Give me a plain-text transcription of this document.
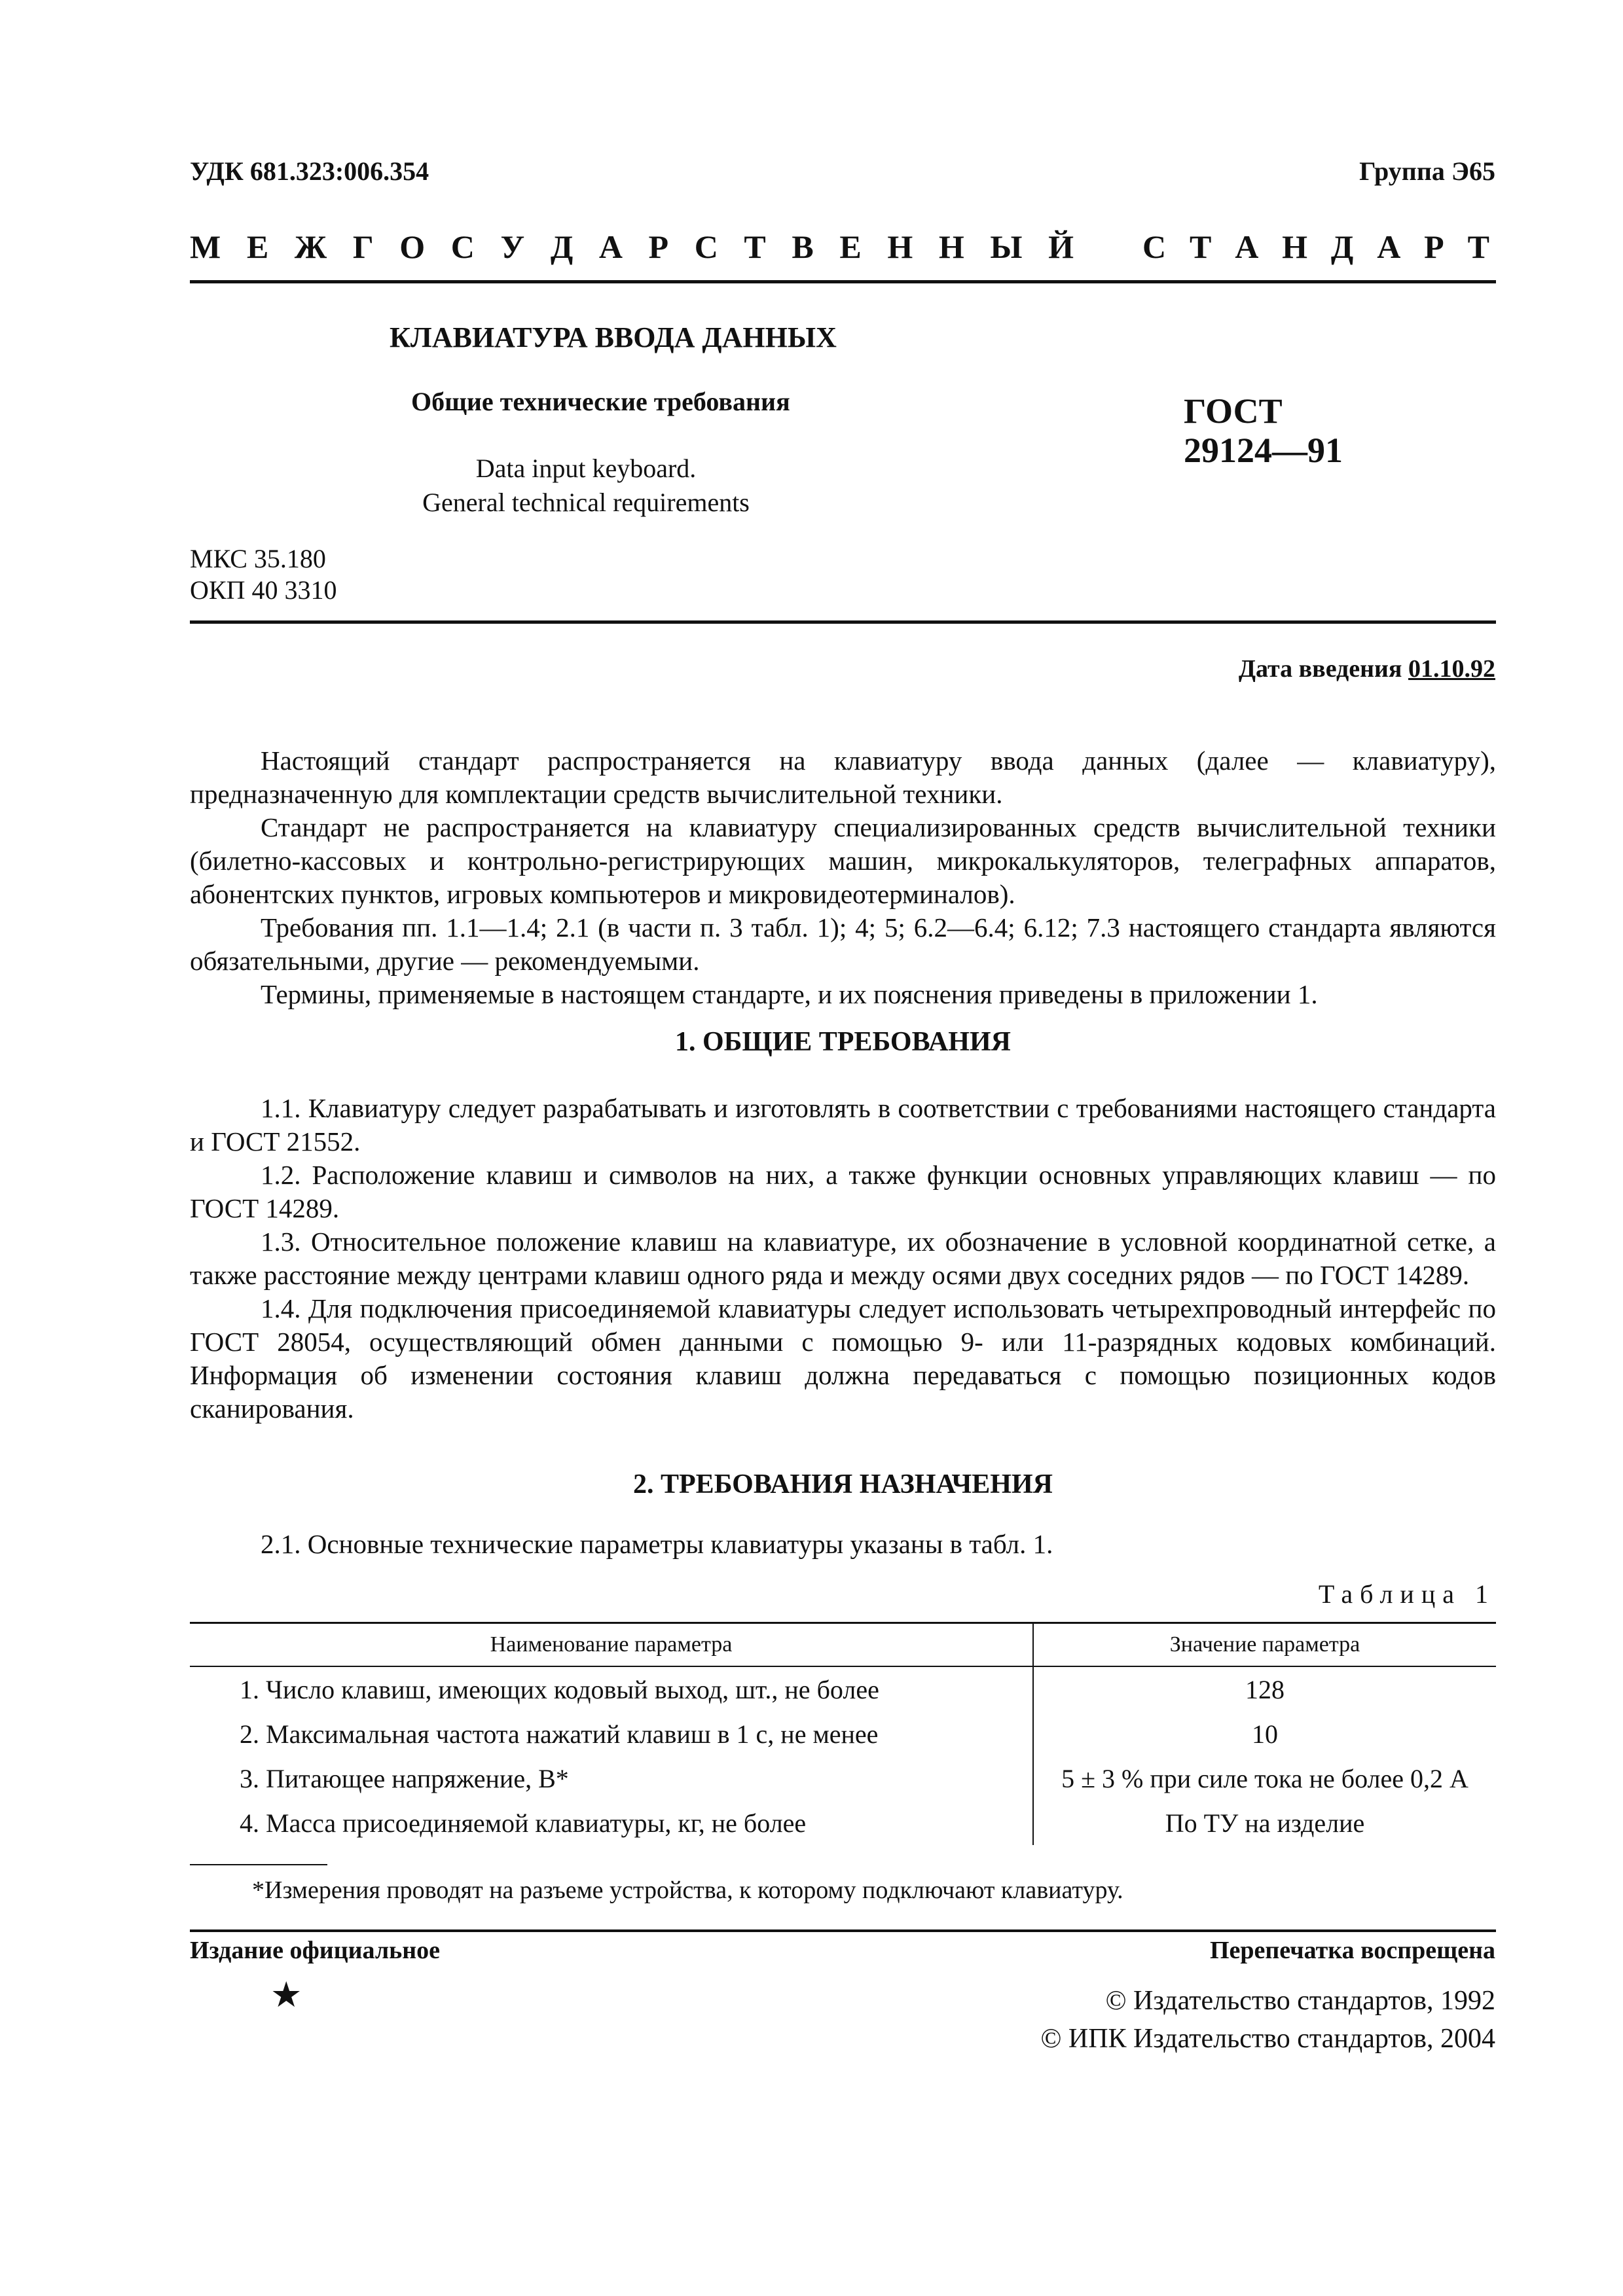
УДК 681.323:006.354	Группа Э65
М Е Ж Г О С У Д А Р С Т В Е Н Н Ы Й С Т А Н Д А Р Т
КЛАВИАТУРА ВВОДА ДАННЫХ
Общие технические требования
Data input keyboard.
General technical requirements
ГОСТ
29124—91
МКС 35.180
ОКП 40 3310
Дата введения 01.10.92

Настоящий стандарт распространяется на клавиатуру ввода данных (далее — клавиатуру), предназначенную для комплектации средств вычислительной техники.

Стандарт не распространяется на клавиатуру специализированных средств вычислительной техники (билетно-кассовых и контрольно-регистрирующих машин, микрокалькуляторов, телеграфных аппаратов, абонентских пунктов, игровых компьютеров и микровидеотерминалов).

Требования пп. 1.1—1.4; 2.1 (в части п. 3 табл. 1); 4; 5; 6.2—6.4; 6.12; 7.3 настоящего стандарта являются обязательными, другие — рекомендуемыми.

Термины, применяемые в настоящем стандарте, и их пояснения приведены в приложении 1.

1. ОБЩИЕ ТРЕБОВАНИЯ

1.1. Клавиатуру следует разрабатывать и изготовлять в соответствии с требованиями настоящего стандарта и ГОСТ 21552.

1.2. Расположение клавиш и символов на них, а также функции основных управляющих клавиш — по ГОСТ 14289.

1.3. Относительное положение клавиш на клавиатуре, их обозначение в условной координатной сетке, а также расстояние между центрами клавиш одного ряда и между осями двух соседних рядов — по ГОСТ 14289.

1.4. Для подключения присоединяемой клавиатуры следует использовать четырехпроводный интерфейс по ГОСТ 28054, осуществляющий обмен данными с помощью 9- или 11-разрядных кодовых комбинаций. Информация об изменении состояния клавиш должна передаваться с помощью позиционных кодов сканирования.

2. ТРЕБОВАНИЯ НАЗНАЧЕНИЯ

2.1. Основные технические параметры клавиатуры указаны в табл. 1.

Таблица 1
Наименование параметра	Значение параметра
1. Число клавиш, имеющих кодовый выход, шт., не более	128
2. Максимальная частота нажатий клавиш в 1 с, не менее	10
3. Питающее напряжение, В*	5 ± 3 % при силе тока не более 0,2 А
4. Масса присоединяемой клавиатуры, кг, не более	По ТУ на изделие
*Измерения проводят на разъеме устройства, к которому подключают клавиатуру.
Издание официальное	Перепечатка воспрещена
★	© Издательство стандартов, 1992
© ИПК Издательство стандартов, 2004
